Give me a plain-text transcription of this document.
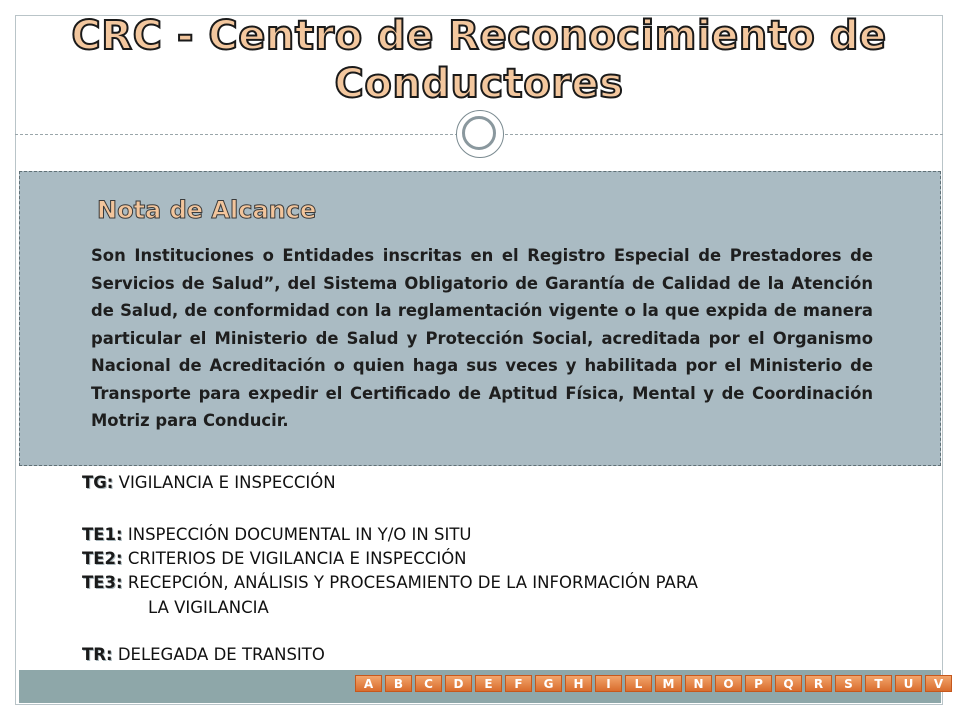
CRC - Centro de Reconocimiento de
Conductores
Nota de Alcance

Son Instituciones o Entidades inscritas en el Registro Especial de Prestadores de Servicios de Salud”, del Sistema Obligatorio de Garantía de Calidad de la Atención de Salud, de conformidad con la reglamentación vigente o la que expida de manera particular el Ministerio de Salud y Protección Social, acreditada por el Organismo Nacional de Acreditación o quien haga sus veces y habilitada por el Ministerio de Transporte para expedir el Certificado de Aptitud Física, Mental y de Coordinación Motriz para Conducir.

TG: VIGILANCIA E INSPECCIÓN
TE1: INSPECCIÓN DOCUMENTAL IN Y/O IN SITU
TE2: CRITERIOS DE VIGILANCIA E INSPECCIÓN
TE3: RECEPCIÓN, ANÁLISIS Y PROCESAMIENTO DE LA INFORMACIÓN PARA
LA VIGILANCIA
TR: DELEGADA DE TRANSITO
A	B	C	D	E	F	G	H	I	L	M	N	O	P	Q	R	S	T	U	V
